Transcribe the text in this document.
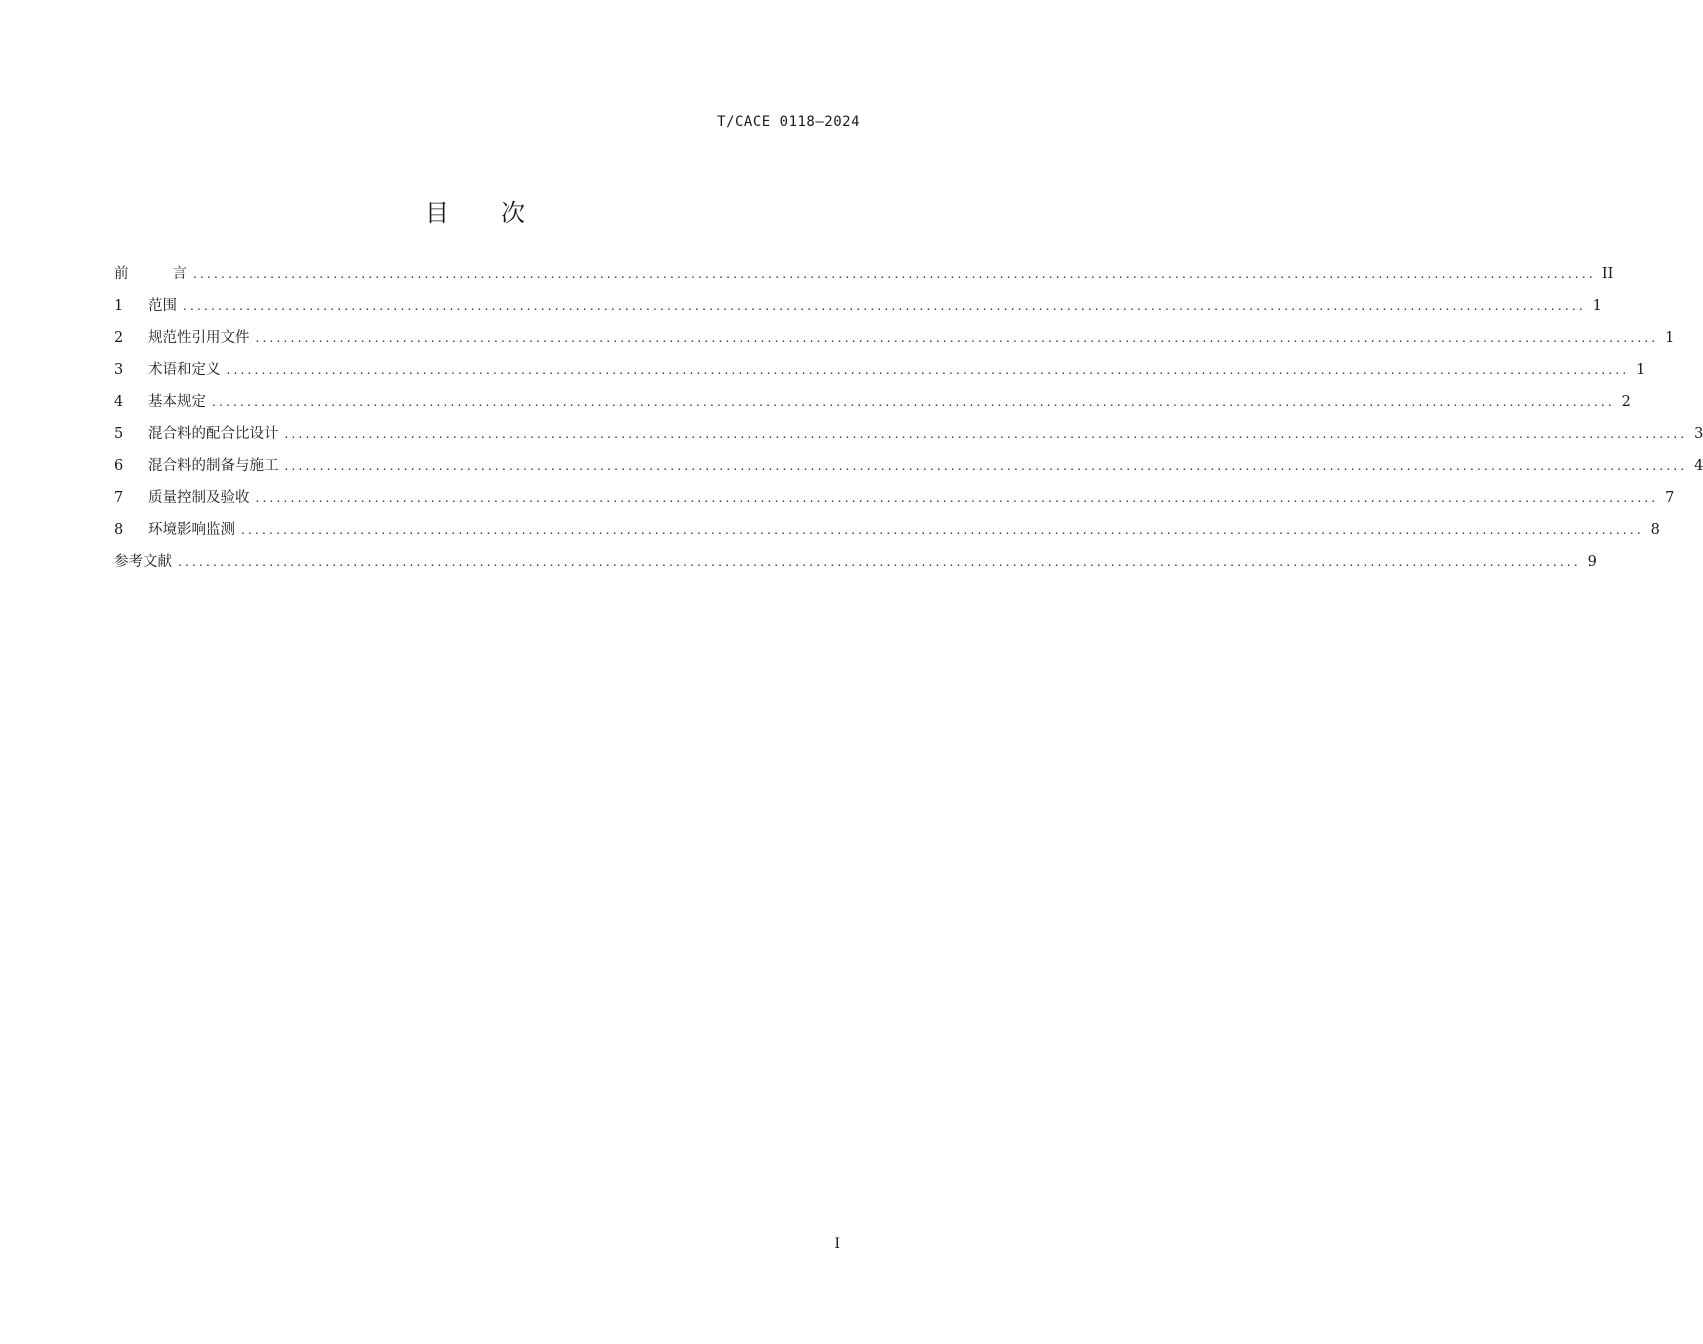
T/CACE 0118—2024
目 次
前	言 ........................................................................................................................................................................................................ II
1	范围 ........................................................................................................................................................................................................ 1
2	规范性引用文件 ........................................................................................................................................................................................................ 1
3	术语和定义 ........................................................................................................................................................................................................ 1
4	基本规定 ........................................................................................................................................................................................................ 2
5	混合料的配合比设计 ........................................................................................................................................................................................................ 3
6	混合料的制备与施工 ........................................................................................................................................................................................................ 4
7	质量控制及验收 ........................................................................................................................................................................................................ 7
8	环境影响监测 ........................................................................................................................................................................................................ 8
参考文献 ........................................................................................................................................................................................................ 9
I
